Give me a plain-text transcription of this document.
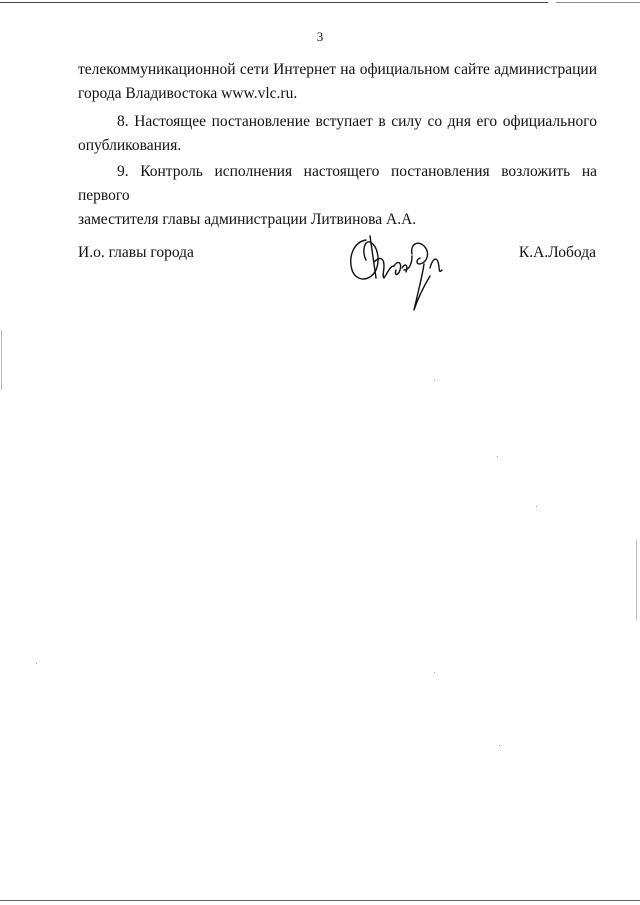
3
телекоммуникационной сети Интернет на официальном сайте администрации
города Владивостока www.vlc.ru.
8. Настоящее постановление вступает в силу со дня его официального
опубликования.
9. Контроль исполнения настоящего постановления возложить на первого
заместителя главы администрации Литвинова А.А.
И.о. главы города	К.А.Лобода
